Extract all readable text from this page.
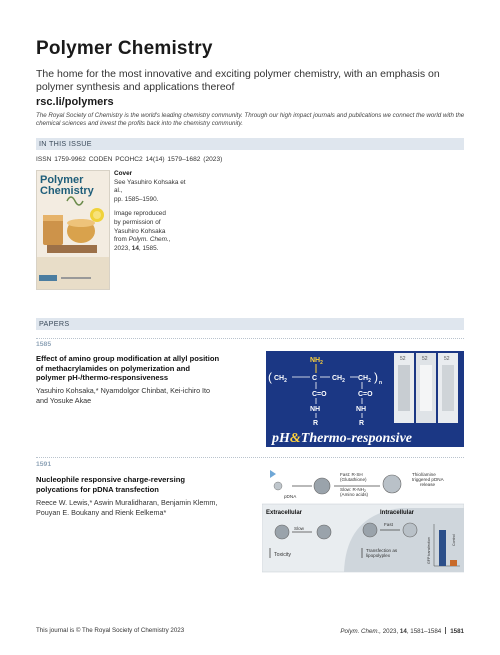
Polymer Chemistry
The home for the most innovative and exciting polymer chemistry, with an emphasis on polymer synthesis and applications thereof
rsc.li/polymers
The Royal Society of Chemistry is the world's leading chemistry community. Through our high impact journals and publications we connect the world with the chemical sciences and invest the profits back into the chemistry community.
IN THIS ISSUE
ISSN 1759-9962 CODEN PCOHC2 14(14) 1579–1682 (2023)
Polymer
Chemistry
Cover
See Yasuhiro Kohsaka et al.,
pp. 1585–1590.
Image reproduced
by permission of
Yasuhiro Kohsaka
from Polym. Chem.,
2023, 14, 1585.
PAPERS
1585
Effect of amino group modification at allyl position
of methacrylamides on polymerization and
polymer pH-/thermo-responsiveness
Yasuhiro Kohsaka,* Nyamdolgor Chinbat, Kei-ichiro Ito
and Yosuke Akae
$NH_2$
( $CH_2$	C $CH_2$ $CH_2$ ) n
C=O	C=O
NH	NH
R	R
52	52	52
pH&Thermo-responsive
1591
Nucleophile responsive charge-reversing
polycations for pDNA transfection
Reece W. Lewis,* Aswin Muralidharan, Benjamin Klemm,
Pouyan E. Boukany and Rienk Eelkema*
pDNA
Fast: R-SH
(Glutathione)
Slow: $R-NH_2$
(Amino acids)
Thiol/amine
triggered pDNA
release
Extracellular	Intracellular
Slow
Toxicity
Fast
Transfection as
lipopolyplex	GFP transfection	Control
This journal is © The Royal Society of Chemistry 2023	Polym. Chem., 2023, 14, 1581–1584 1581
